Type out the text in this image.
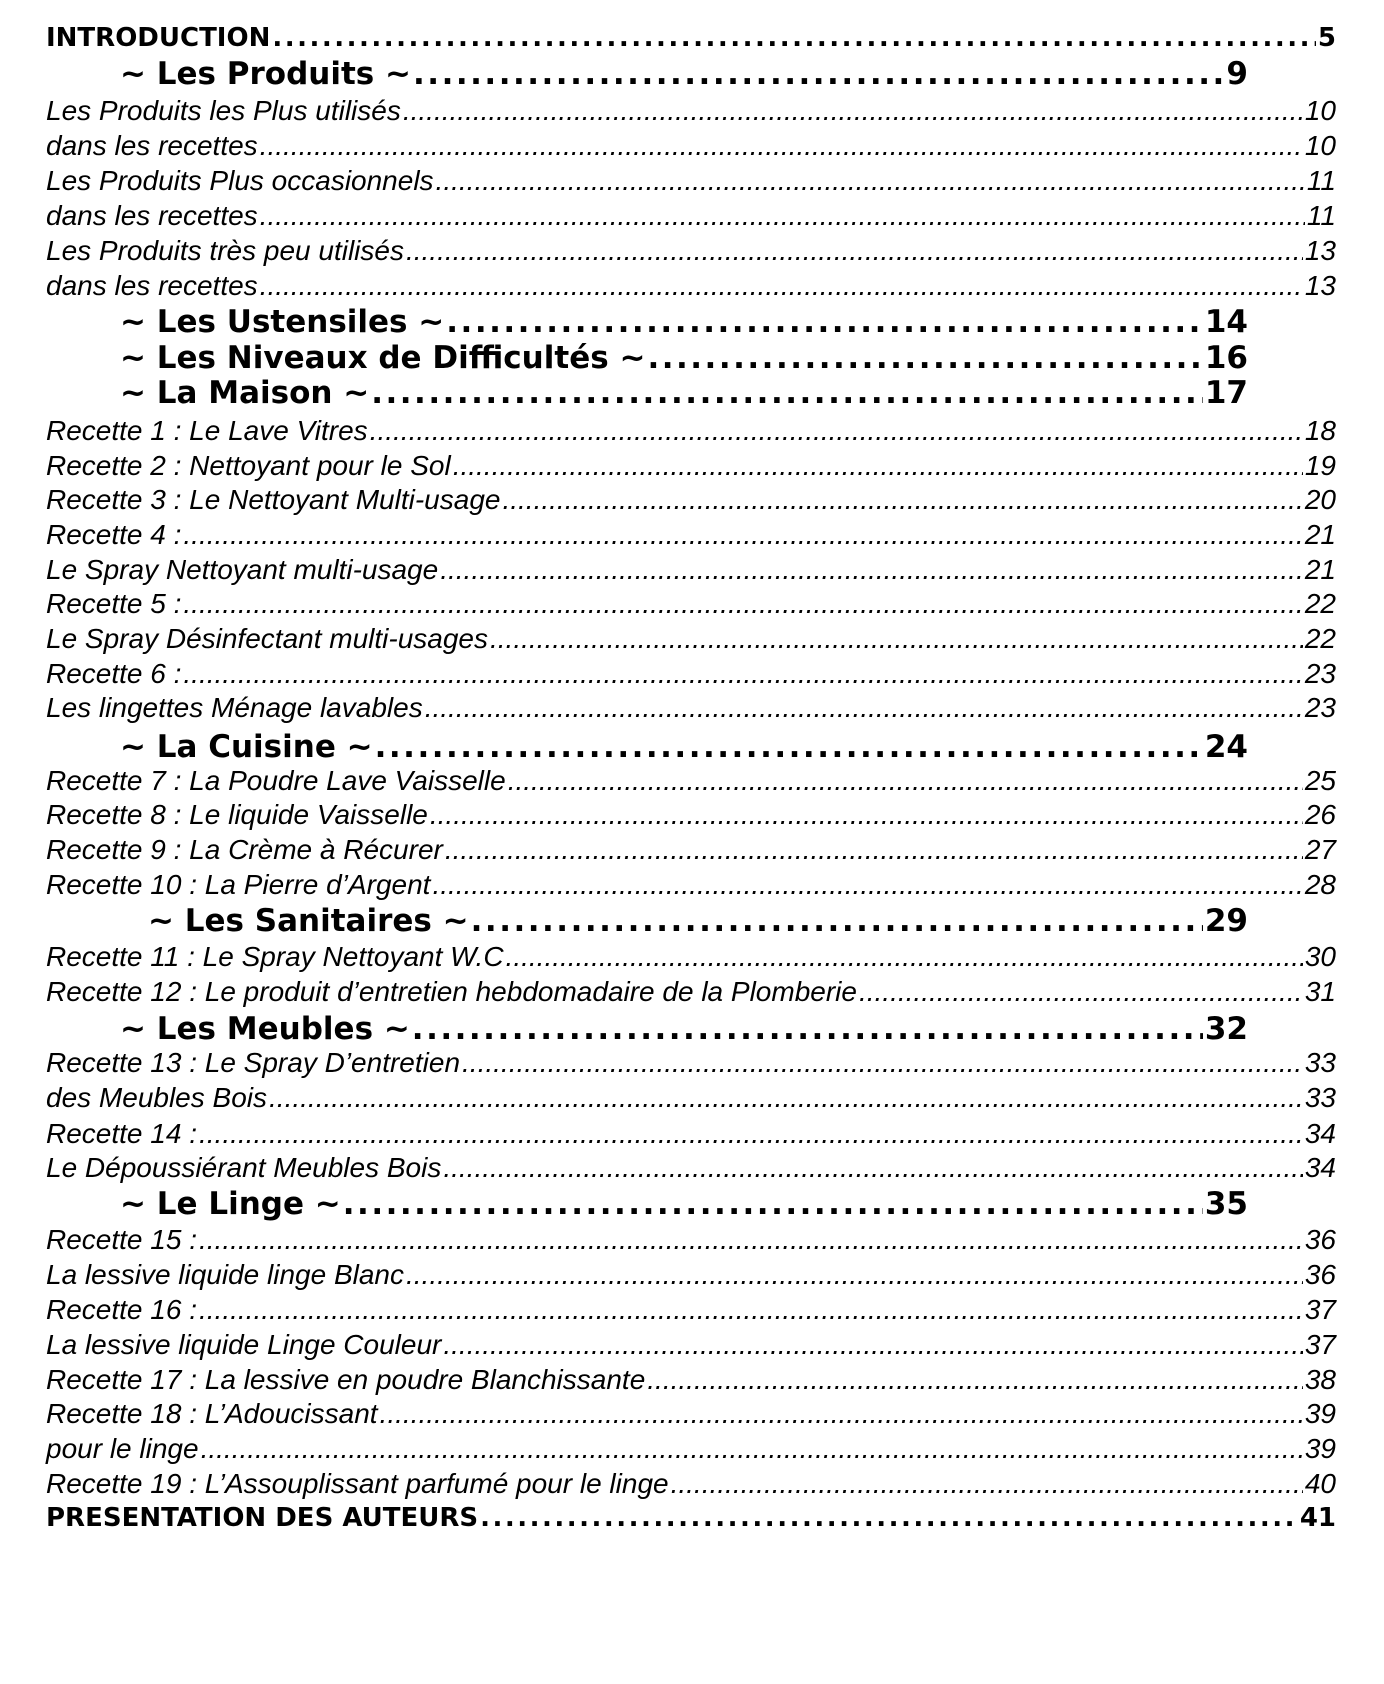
INTRODUCTION .....	5
~ Les Produits ~ .....	9
Les Produits les Plus utilisés .....	10
dans les recettes .....	10
Les Produits Plus occasionnels .....	11
dans les recettes .....	11
Les Produits très peu utilisés .....	13
dans les recettes .....	13
~ Les Ustensiles ~ .....	14
~ Les Niveaux de Difficultés ~ .....	16
~ La Maison ~ .....	17
Recette 1 : Le Lave Vitres .....	18
Recette 2 : Nettoyant pour le Sol .....	19
Recette 3 : Le Nettoyant Multi-usage .....	20
Recette 4 : .....	21
Le Spray Nettoyant multi-usage .....	21
Recette 5 : .....	22
Le Spray Désinfectant multi-usages .....	22
Recette 6 : .....	23
Les lingettes Ménage lavables .....	23
~ La Cuisine ~ .....	24
Recette 7 : La Poudre Lave Vaisselle .....	25
Recette 8 : Le liquide Vaisselle .....	26
Recette 9 : La Crème à Récurer .....	27
Recette 10 : La Pierre d’Argent .....	28
~ Les Sanitaires ~ .....	29
Recette 11 : Le Spray Nettoyant W.C .....	30
Recette 12 : Le produit d’entretien hebdomadaire de la Plomberie .....	31
~ Les Meubles ~ .....	32
Recette 13 : Le Spray D’entretien .....	33
des Meubles Bois .....	33
Recette 14 : .....	34
Le Dépoussiérant Meubles Bois .....	34
~ Le Linge ~ .....	35
Recette 15 : .....	36
La lessive liquide linge Blanc .....	36
Recette 16 : .....	37
La lessive liquide Linge Couleur .....	37
Recette 17 : La lessive en poudre Blanchissante .....	38
Recette 18 : L’Adoucissant .....	39
pour le linge .....	39
Recette 19 : L’Assouplissant parfumé pour le linge .....	40
PRESENTATION DES AUTEURS .....	41
